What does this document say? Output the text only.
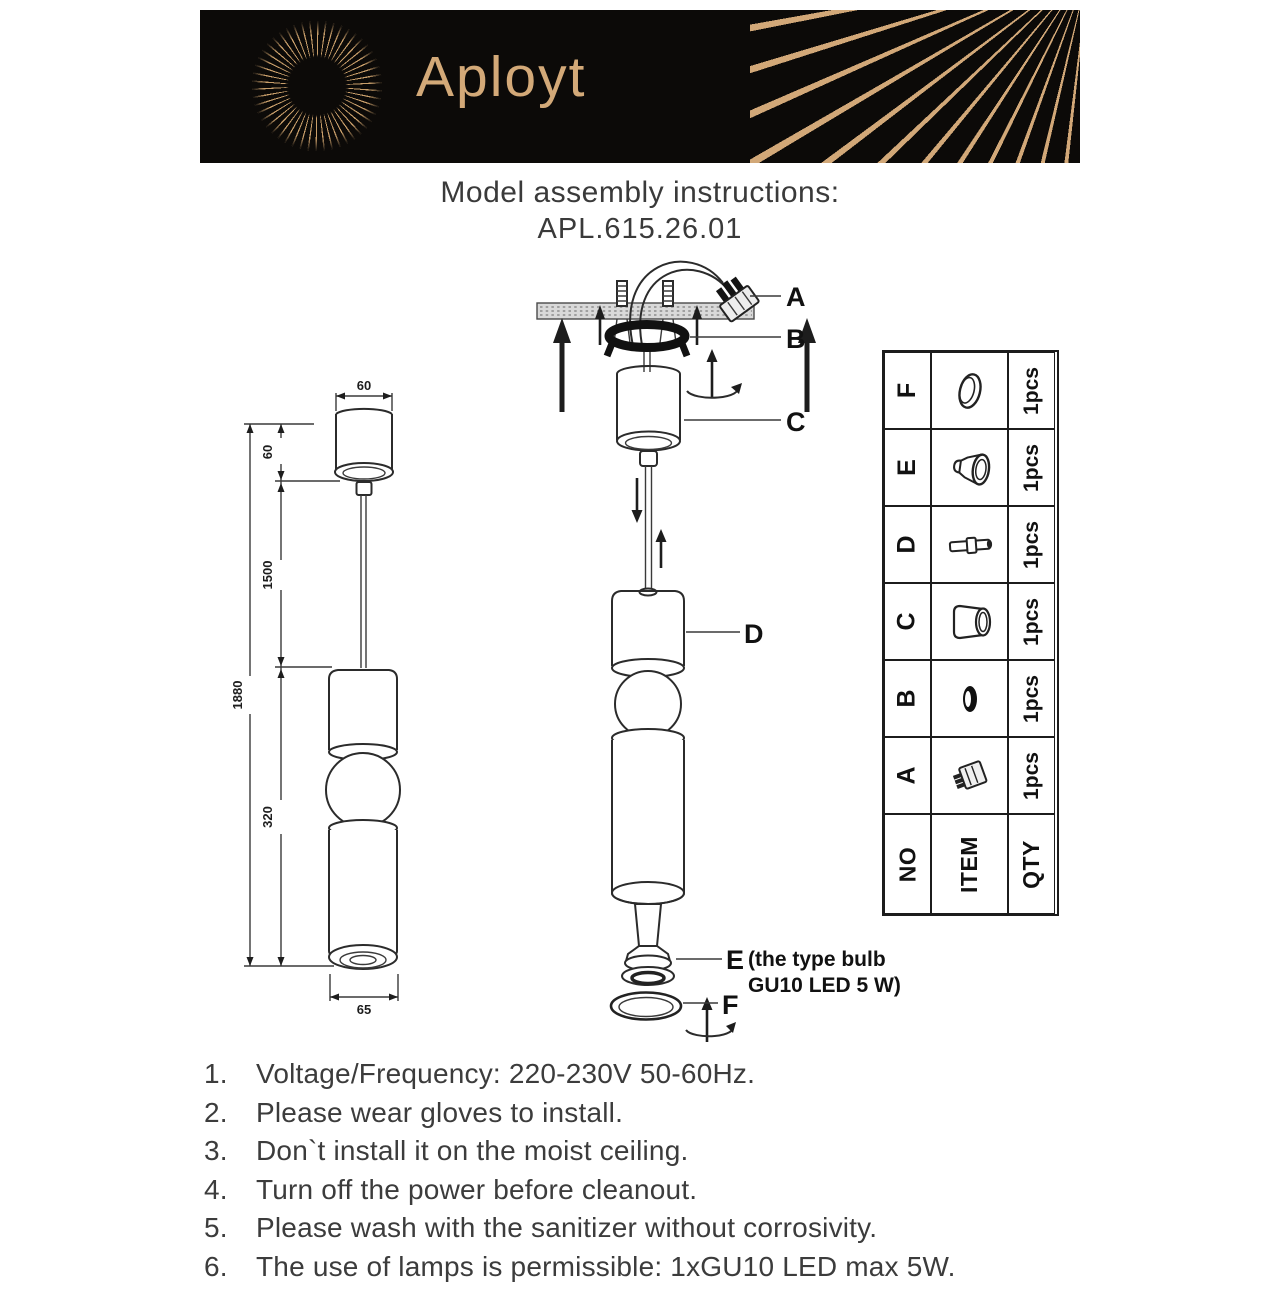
Aployt
Model assembly instructions:
APL.615.26.01
60
65
1880
60
1500
320
A
B
C
D
E
F
(the type bulb
GU10 LED 5 W)
F	1pcs
E	1pcs
D	1pcs
C	1pcs
B	1pcs
A	1pcs
NO ITEM QTY
1.	Voltage/Frequency: 220-230V 50-60Hz.
2.	Please wear gloves to install.
3.	Don`t install it on the moist ceiling.
4.	Turn off the power before cleanout.
5.	Please wash with the sanitizer without corrosivity.
6.	The use of lamps is permissible: 1xGU10 LED max 5W.
